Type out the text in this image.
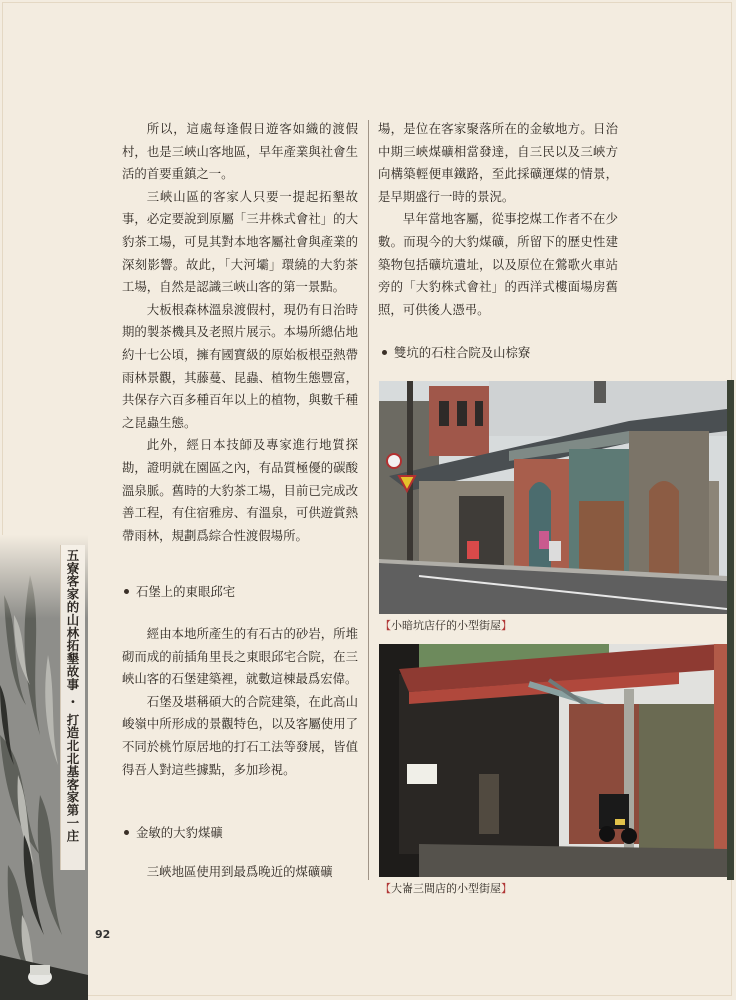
五寮客家的山林拓墾故事 ・ 打造北北基客家第一庄
92

所以，這處每逢假日遊客如織的渡假村，也是三峽山客地區，早年產業與社會生活的首要重鎮之一。

三峽山區的客家人只要一提起拓墾故事，必定要說到原屬「三井株式會社」的大豹茶工場，可見其對本地客屬社會與產業的深刻影響。故此，「大河壩」環繞的大豹茶工場，自然是認識三峽山客的第一景點。

大板根森林溫泉渡假村，現仍有日治時期的製茶機具及老照片展示。本場所總佔地約十七公頃，擁有國寶級的原始板根亞熱帶雨林景觀，其藤蔓、昆蟲、植物生態豐富，共保存六百多種百年以上的植物，與數千種之昆蟲生態。

此外，經日本技師及專家進行地質探勘，證明就在園區之內，有品質極優的碳酸溫泉脈。舊時的大豹茶工場，目前已完成改善工程，有住宿雅房、有溫泉，可供遊賞熱帶雨林，規劃爲綜合性渡假場所。

石堡上的東眼邱宅

經由本地所產生的有石古的砂岩，所堆砌而成的前插角里長之東眼邱宅合院，在三峽山客的石堡建築裡，就數這棟最爲宏偉。

石堡及堪稱碩大的合院建築，在此高山峻嶺中所形成的景觀特色，以及客屬使用了不同於桃竹原居地的打石工法等發展，皆值得吾人對這些據點，多加珍視。

金敏的大豹煤礦

三峽地區使用到最爲晚近的煤礦礦

場，是位在客家聚落所在的金敏地方。日治中期三峽煤礦相當發達，自三民以及三峽方向構築輕便車鐵路，至此採礦運煤的情景，是早期盛行一時的景況。

早年當地客屬，從事挖煤工作者不在少數。而現今的大豹煤礦，所留下的歷史性建築物包括礦坑遺址，以及原位在鶯歌火車站旁的「大豹株式會社」的西洋式樓面場房舊照，可供後人憑弔。

雙坑的石柱合院及山棕寮
【小暗坑店仔的小型街屋】
【大崙三間店的小型街屋】
